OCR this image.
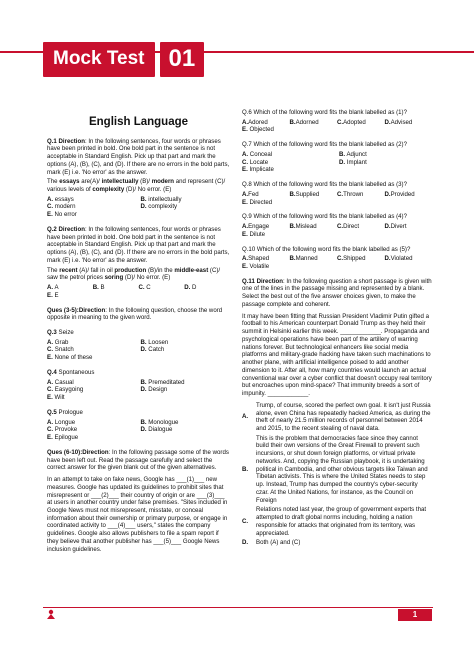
Mock Test	01
English Language
Q.1 Direction: In the following sentences, four words or phrases have been printed in bold. One bold part in the sentence is not acceptable in Standard English. Pick up that part and mark the options (A), (B), (C), and (D). If there are no errors in the bold parts, mark (E) i.e. 'No error' as the answer.
The essays are(A)/ intellectually (B)/ modern and represent (C)/ various levels of complexity (D)/ No error. (E)
A. essays	B. intellectually
C. modern	D. complexity
E. No error
Q.2 Direction: In the following sentences, four words or phrases have been printed in bold. One bold part in the sentence is not acceptable in Standard English. Pick up that part and mark the options (A), (B), (C), and (D). If there are no errors in the bold parts, mark (E) i.e. 'No error' as the answer.
The recent (A)/ fall in oil production (B)/in the middle-east (C)/ saw the petrol prices soring (D)/ No error. (E)
A. A	B. B	C. C	D. D
E. E
Ques (3-5):Direction: In the following question, choose the word opposite in meaning to the given word.
Q.3 Seize
A. Grab	B. Loosen
C. Snatch	D. Catch
E. None of these
Q.4 Spontaneous
A. Casual	B. Premeditated
C. Easygoing	D. Design
E. Wilt
Q.5 Prologue
A. Longue	B. Monologue
C. Provoke	D. Dialogue
E. Epilogue
Ques (6-10):Direction: In the following passage some of the words have been left out. Read the passage carefully and select the correct answer for the given blank out of the given alternatives.
In an attempt to take on fake news, Google has ___(1)___ new measures. Google has updated its guidelines to prohibit sites that misrepresent or ___(2)___ their country of origin or are ___(3)___ at users in another country under false premises. "Sites included in Google News must not misrepresent, misstate, or conceal information about their ownership or primary purpose, or engage in coordinated activity to ___(4)___ users," states the company guidelines. Google also allows publishers to file a spam report if they believe that another publisher has ___(5)___ Google News inclusion guidelines.
Q.6 Which of the following word fits the blank labelled as (1)?
A.Adored	B.Adorned	C.Adopted	D.Advised
E. Objected
Q.7 Which of the following word fits the blank labelled as (2)?
A. Conceal	B. Adjunct
C. Locate	D. Implant
E. Implicate
Q.8 Which of the following word fits the blank labelled as (3)?
A.Fed	B.Supplied	C.Thrown	D.Provided
E. Directed
Q.9 Which of the following word fits the blank labelled as (4)?
A.Engage	B.Mislead	C.Direct	D.Divert
E. Dilute
Q.10 Which of the following word fits the blank labelled as (5)?
A.Shaped	B.Manned	C.Shipped	D.Violated
E. Volatile
Q.11 Direction: In the following question a short passage is given with one of the lines in the passage missing and represented by a blank. Select the best out of the five answer choices given, to make the passage complete and coherent.
It may have been fitting that Russian President Vladimir Putin gifted a football to his American counterpart Donald Trump as they held their summit in Helsinki earlier this week. ____________. Propaganda and psychological operations have been part of the artillery of warring nations forever. But technological enhancers like social media platforms and military-grade hacking have taken such machinations to another plane, with artificial intelligence poised to add another dimension to it. After all, how many countries would launch an actual conventional war over a cyber conflict that doesn't occupy real territory but encroaches upon mind-space? That immunity breeds a sort of impunity. ____________.
A.
Trump, of course, scored the perfect own goal. It isn't just Russia alone, even China has repeatedly hacked America, as during the theft of nearly 21.5 million records of personnel between 2014 and 2015, to the recent stealing of naval data.
B.
This is the problem that democracies face since they cannot build their own versions of the Great Firewall to prevent such incursions, or shut down foreign platforms, or virtual private networks. And, copying the Russian playbook, it is undertaking political in Cambodia, and other obvious targets like Taiwan and Tibetan activists. This is where the United States needs to step up. Instead, Trump has dumped the country's cyber-security czar. At the United Nations, for instance, as the Council on Foreign
C.
Relations noted last year, the group of government experts that attempted to draft global norms including, holding a nation responsible for attacks that originated from its territory, was appreciated.
D.	Both (A) and (C)
1
